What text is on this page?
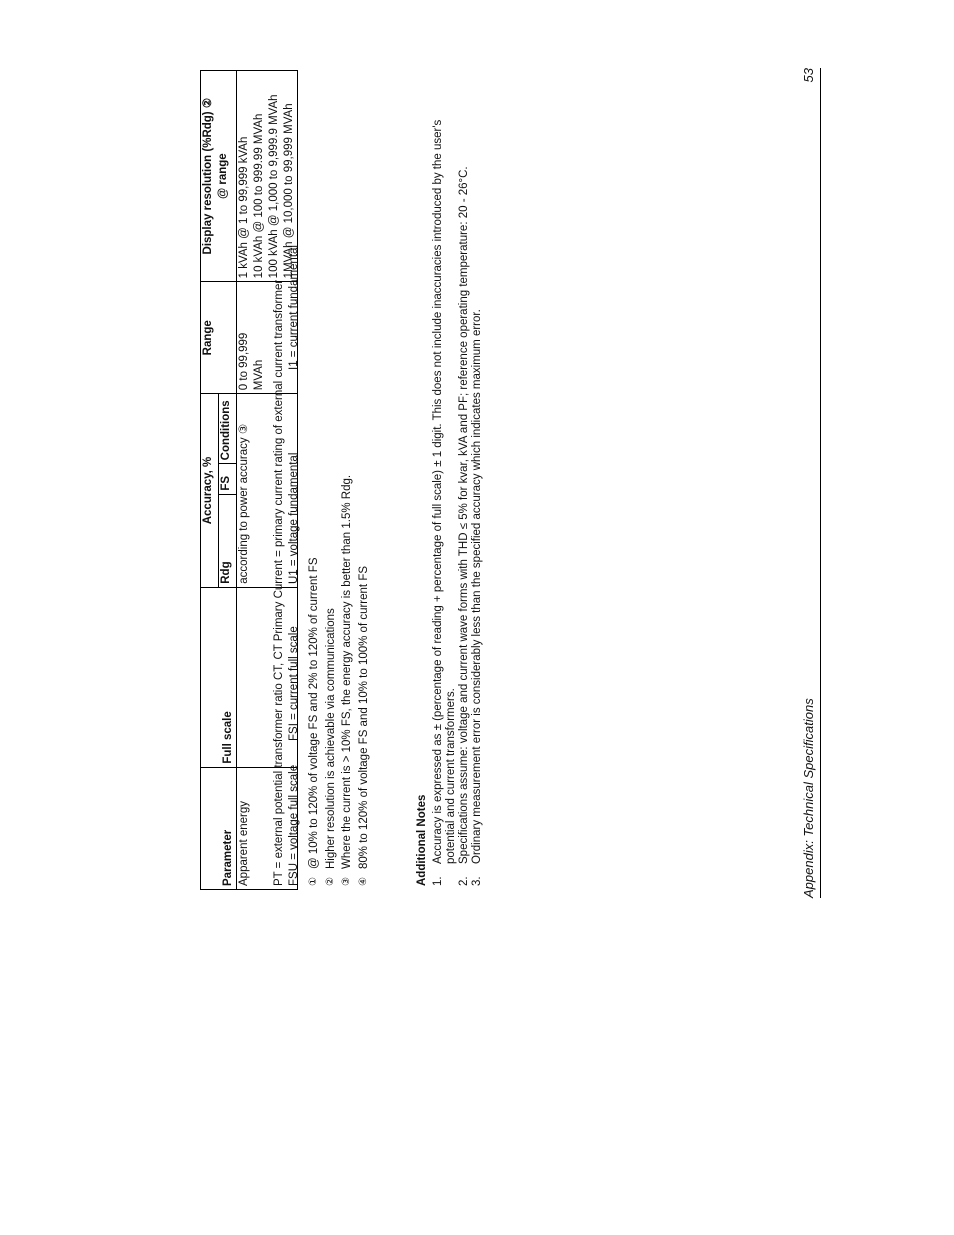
Parameter	Full scale	Accuracy, %			Range	Display resolution (%Rdg) ② @ range

		Rdg	FS	Conditions		
Apparent energy		according to power accuracy ③			0 to 99,999 MVAh	1 kVAh @ 1 to 99,999 kVAh 10 kVAh @ 100 to 999.99 MVAh 100 kVAh @ 1,000 to 9,999.9 MVAh 1MVAh @ 10,000 to 99,999 MVAh
PT = external potential transformer ratio
CT, CT Primary Current = primary current rating of external current transformer
FSU = voltage full scale
FSI = current full scale
U1 = voltage fundamental
I1 = current fundamental
①
@ 10% to 120% of voltage FS and 2% to 120% of current FS
②
Higher resolution is achievable via communications
③
Where the current is > 10% FS, the energy accuracy is better than 1.5% Rdg.
④
80% to 120% of voltage FS and 10% to 100% of current FS	Additional Notes 1.
Accuracy is expressed as ± (percentage of reading + percentage of full scale) ± 1 digit. This does not include inaccuracies introduced by the user's potential and current transformers.
2.
Specifications assume: voltage and current wave forms with THD ≤ 5% for kvar, kVA and PF; reference operating temperature: 20 - 26°C.
3.
Ordinary measurement error is considerably less than the specified accuracy which indicates maximum error.	Appendix: Technical Specifications
53
